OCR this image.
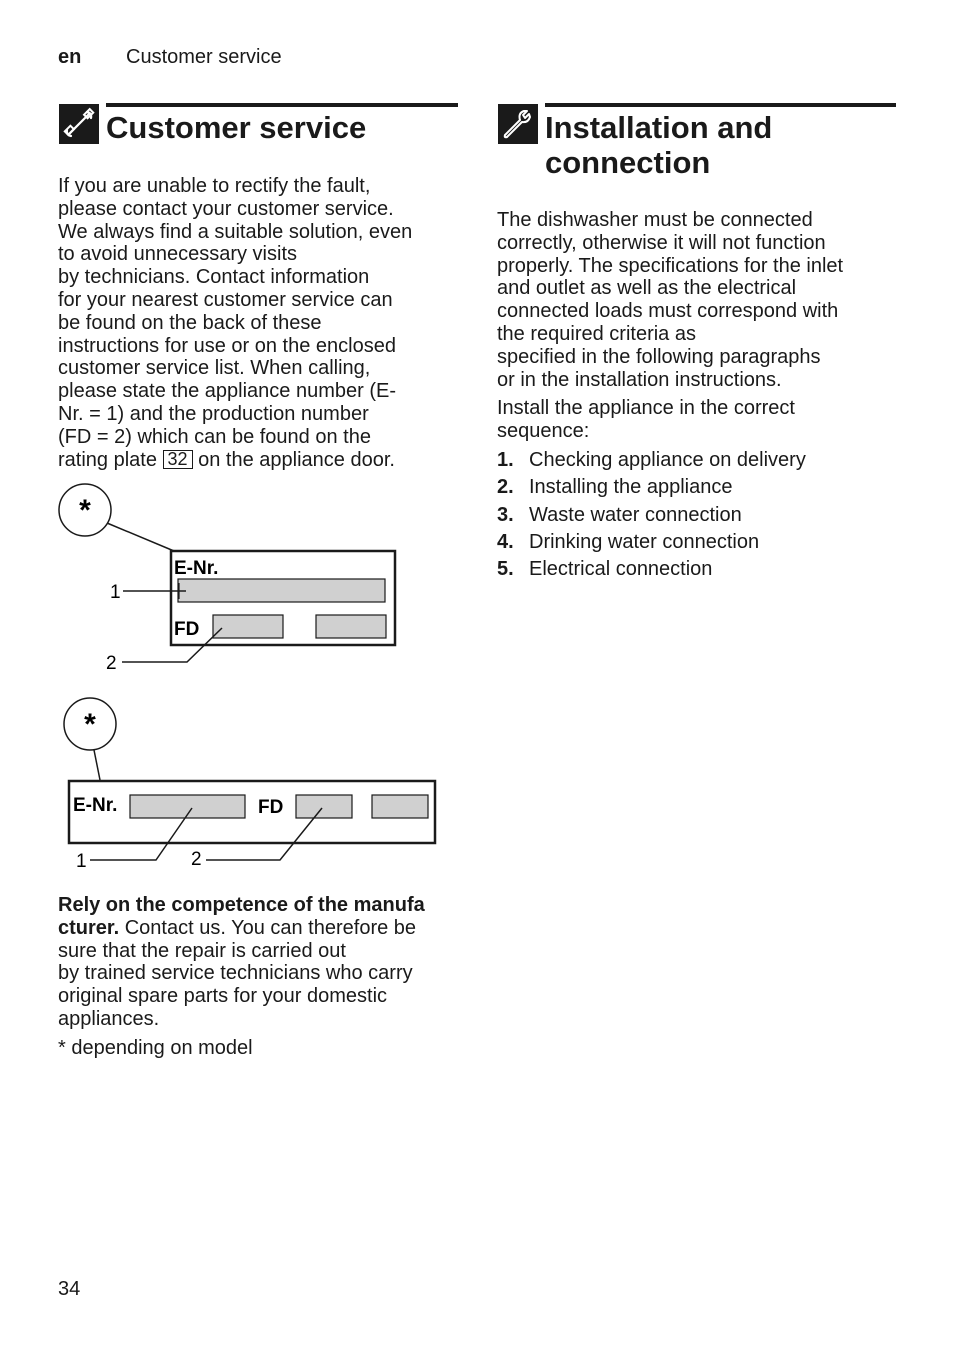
en Customer service
Customer service

If you are unable to rectify the fault,

please contact your customer service.

We always find a suitable solution, even

to avoid unnecessary visits

by technicians. Contact information

for your nearest customer service can

be found on the back of these

instructions for use or on the enclosed

customer service list. When calling,

please state the appliance number (E-

Nr. = 1) and the production number

(FD = 2) which can be found on the

rating plate 32 on the appliance door.

*
E-Nr.
FD
1
2
*
E-Nr.	FD
1	2

Rely on the competence of the manufa

cturer. Contact us. You can therefore be

sure that the repair is carried out

by trained service technicians who carry

original spare parts for your domestic

appliances.

* depending on model

Installation and
connection

The dishwasher must be connected

correctly, otherwise it will not function

properly. The specifications for the inlet

and outlet as well as the electrical

connected loads must correspond with

the required criteria as

specified in the following paragraphs

or in the installation instructions.

Install the appliance in the correct

sequence:

1. Checking appliance on delivery
2. Installing the appliance
3. Waste water connection
4. Drinking water connection
5. Electrical connection
34
